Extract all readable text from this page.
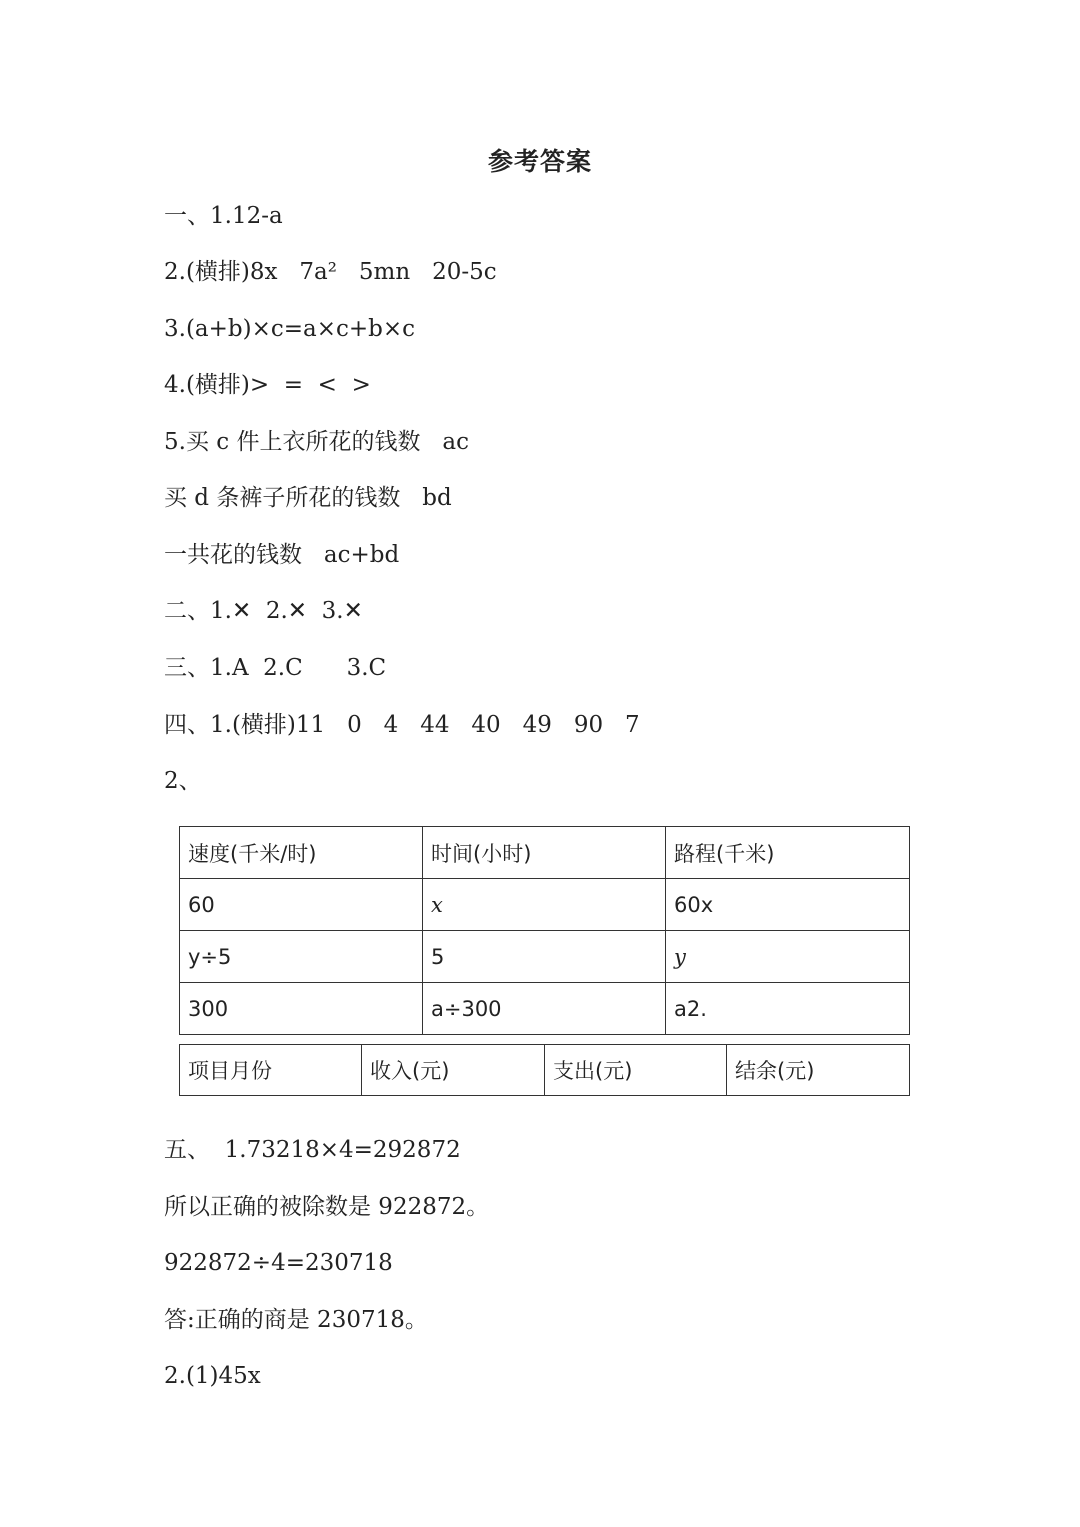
参考答案
一、1.12-a
2.(横排)8x   7a²   5mn   20-5c
3.(a+b)×c=a×c+b×c
4.(横排)>  =  <  >
5.买 c 件上衣所花的钱数   ac
买 d 条裤子所花的钱数   bd
一共花的钱数   ac+bd
二、1.✕  2.✕  3.✕
三、1.A  2.C      3.C
四、1.(横排)11   0   4   44   40   49   90   7
2、
速度(千米/时)	时间(小时)	路程(千米)
60	x	60x
y÷5	5	y
300	a÷300	a2.
项目月份	收入(元)	支出(元)	结余(元)
五、  1.73218×4=292872
所以正确的被除数是 922872。
922872÷4=230718
答:正确的商是 230718。
2.(1)45x
